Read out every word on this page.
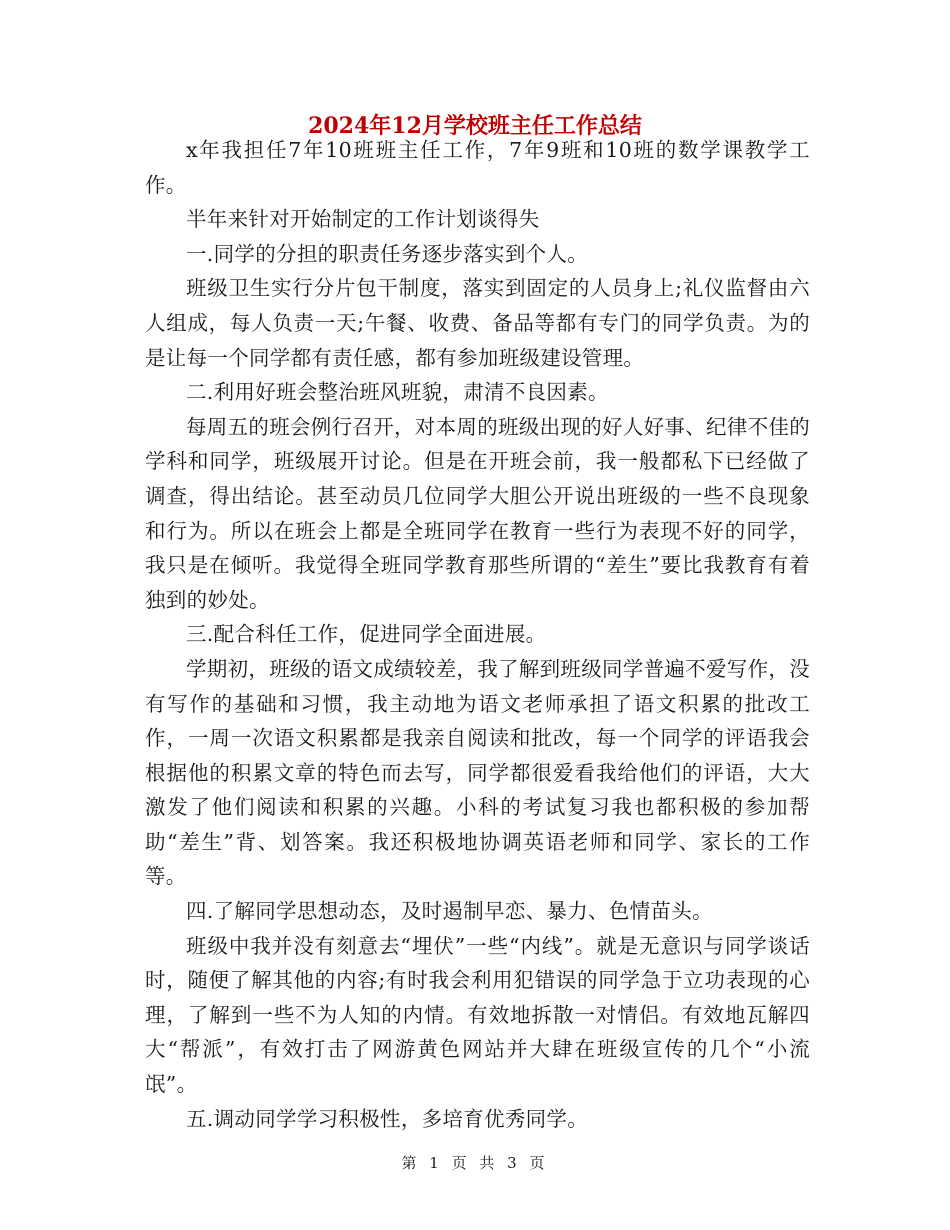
2024年12月学校班主任工作总结

x年我担任7年10班班主任工作，7年9班和10班的数学课教学工作。

半年来针对开始制定的工作计划谈得失

一.同学的分担的职责任务逐步落实到个人。

班级卫生实行分片包干制度，落实到固定的人员身上;礼仪监督由六人组成，每人负责一天;午餐、收费、备品等都有专门的同学负责。为的是让每一个同学都有责任感，都有参加班级建设管理。

二.利用好班会整治班风班貌，肃清不良因素。

每周五的班会例行召开，对本周的班级出现的好人好事、纪律不佳的学科和同学，班级展开讨论。但是在开班会前，我一般都私下已经做了调查，得出结论。甚至动员几位同学大胆公开说出班级的一些不良现象和行为。所以在班会上都是全班同学在教育一些行为表现不好的同学，我只是在倾听。我觉得全班同学教育那些所谓的“差生”要比我教育有着独到的妙处。

三.配合科任工作，促进同学全面进展。

学期初，班级的语文成绩较差，我了解到班级同学普遍不爱写作，没有写作的基础和习惯，我主动地为语文老师承担了语文积累的批改工作，一周一次语文积累都是我亲自阅读和批改，每一个同学的评语我会根据他的积累文章的特色而去写，同学都很爱看我给他们的评语，大大激发了他们阅读和积累的兴趣。小科的考试复习我也都积极的参加帮助“差生”背、划答案。我还积极地协调英语老师和同学、家长的工作等。

四.了解同学思想动态，及时遏制早恋、暴力、色情苗头。

班级中我并没有刻意去“埋伏”一些“内线”。就是无意识与同学谈话时，随便了解其他的内容;有时我会利用犯错误的同学急于立功表现的心理，了解到一些不为人知的内情。有效地拆散一对情侣。有效地瓦解四大“帮派”，有效打击了网游黄色网站并大肆在班级宣传的几个“小流氓”。

五.调动同学学习积极性，多培育优秀同学。

第 1 页 共 3 页
